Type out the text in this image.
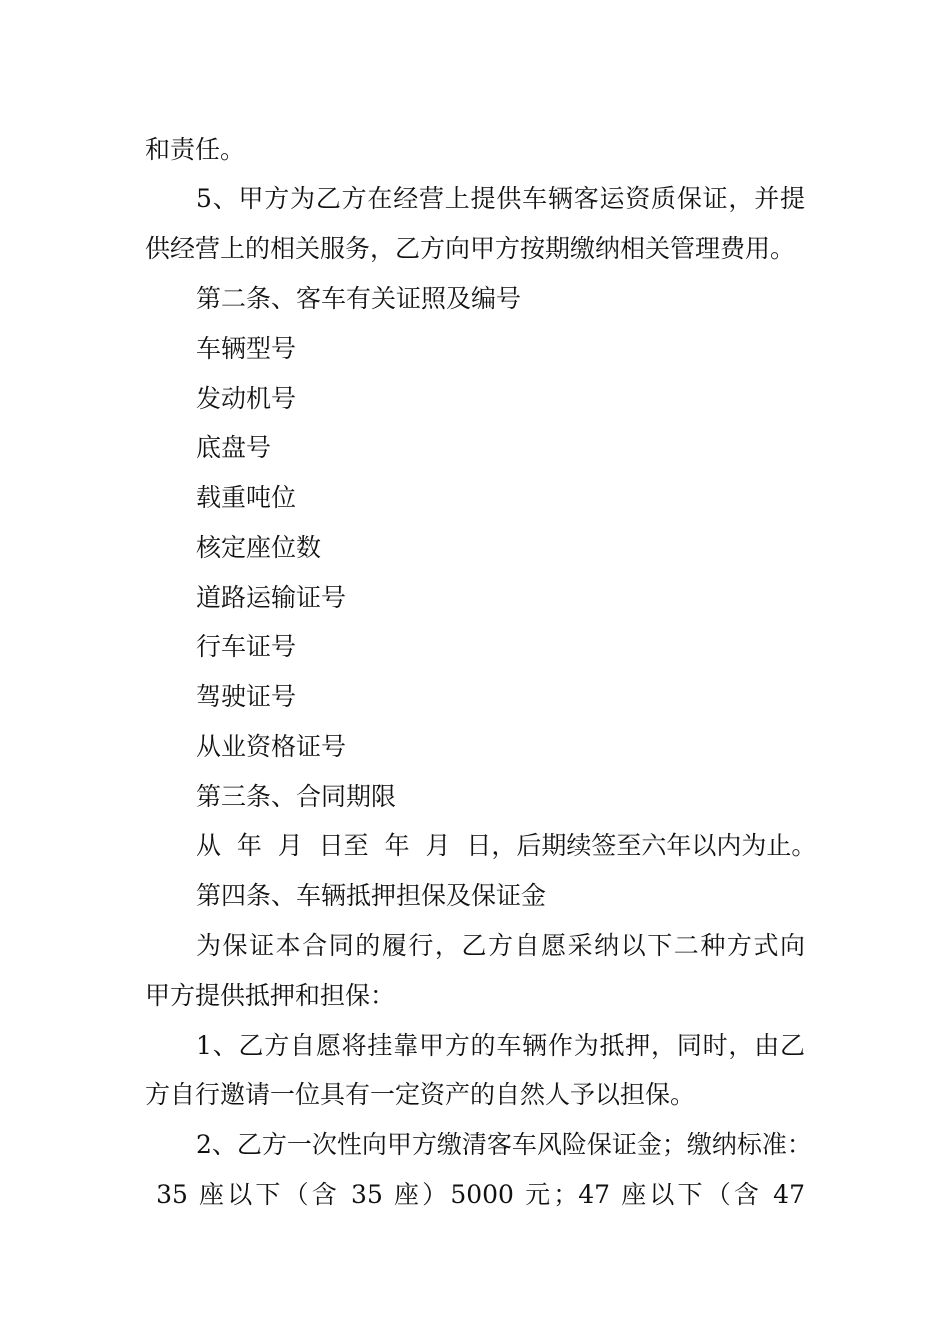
和责任。
5、甲方为乙方在经营上提供车辆客运资质保证，并提
供经营上的相关服务，乙方向甲方按期缴纳相关管理费用。
第二条、客车有关证照及编号
车辆型号
发动机号
底盘号
载重吨位
核定座位数
道路运输证号
行车证号
驾驶证号
从业资格证号
第三条、合同期限
从  年  月  日至  年  月  日，后期续签至六年以内为止。
第四条、车辆抵押担保及保证金
为保证本合同的履行，乙方自愿采纳以下二种方式向
甲方提供抵押和担保：
1、乙方自愿将挂靠甲方的车辆作为抵押，同时，由乙
方自行邀请一位具有一定资产的自然人予以担保。
2、乙方一次性向甲方缴清客车风险保证金；缴纳标准：
35 座以下（含 35 座）5000 元；47 座以下（含 47
